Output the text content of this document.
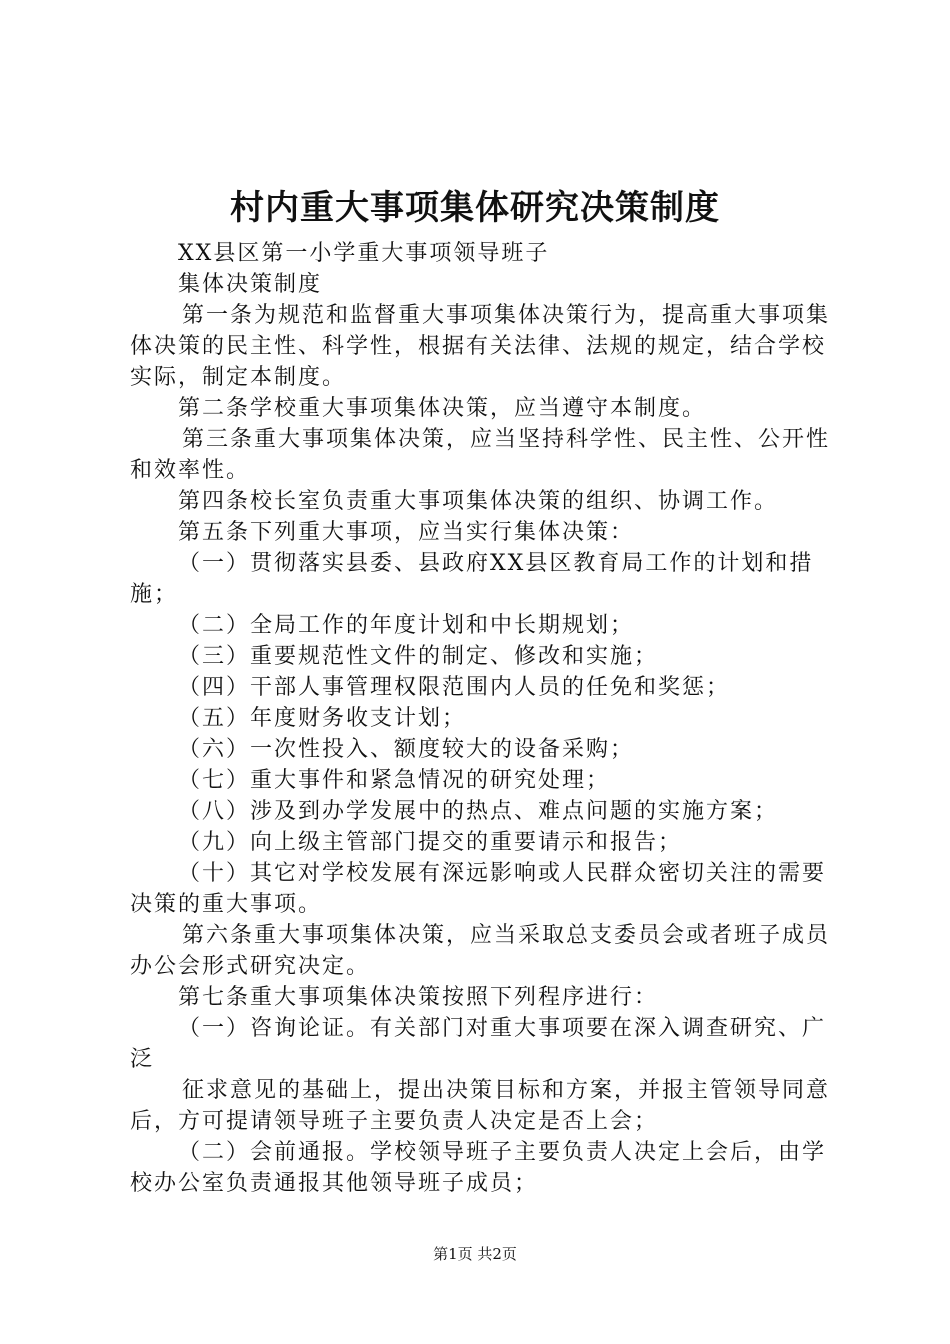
村内重大事项集体研究决策制度

XX县区第一小学重大事项领导班子

集体决策制度

第一条为规范和监督重大事项集体决策行为，提高重大事项集体决策的民主性、科学性，根据有关法律、法规的规定，结合学校实际，制定本制度。

第二条学校重大事项集体决策，应当遵守本制度。

第三条重大事项集体决策，应当坚持科学性、民主性、公开性和效率性。

第四条校长室负责重大事项集体决策的组织、协调工作。

第五条下列重大事项，应当实行集体决策：

（一）贯彻落实县委、县政府XX县区教育局工作的计划和措施；

（二）全局工作的年度计划和中长期规划；

（三）重要规范性文件的制定、修改和实施；

（四）干部人事管理权限范围内人员的任免和奖惩；

（五）年度财务收支计划；

（六）一次性投入、额度较大的设备采购；

（七）重大事件和紧急情况的研究处理；

（八）涉及到办学发展中的热点、难点问题的实施方案；

（九）向上级主管部门提交的重要请示和报告；

（十）其它对学校发展有深远影响或人民群众密切关注的需要决策的重大事项。

第六条重大事项集体决策，应当采取总支委员会或者班子成员办公会形式研究决定。

第七条重大事项集体决策按照下列程序进行：

（一）咨询论证。有关部门对重大事项要在深入调查研究、广泛

征求意见的基础上，提出决策目标和方案，并报主管领导同意后，方可提请领导班子主要负责人决定是否上会；

（二）会前通报。学校领导班子主要负责人决定上会后，由学校办公室负责通报其他领导班子成员；

第1页 共2页
